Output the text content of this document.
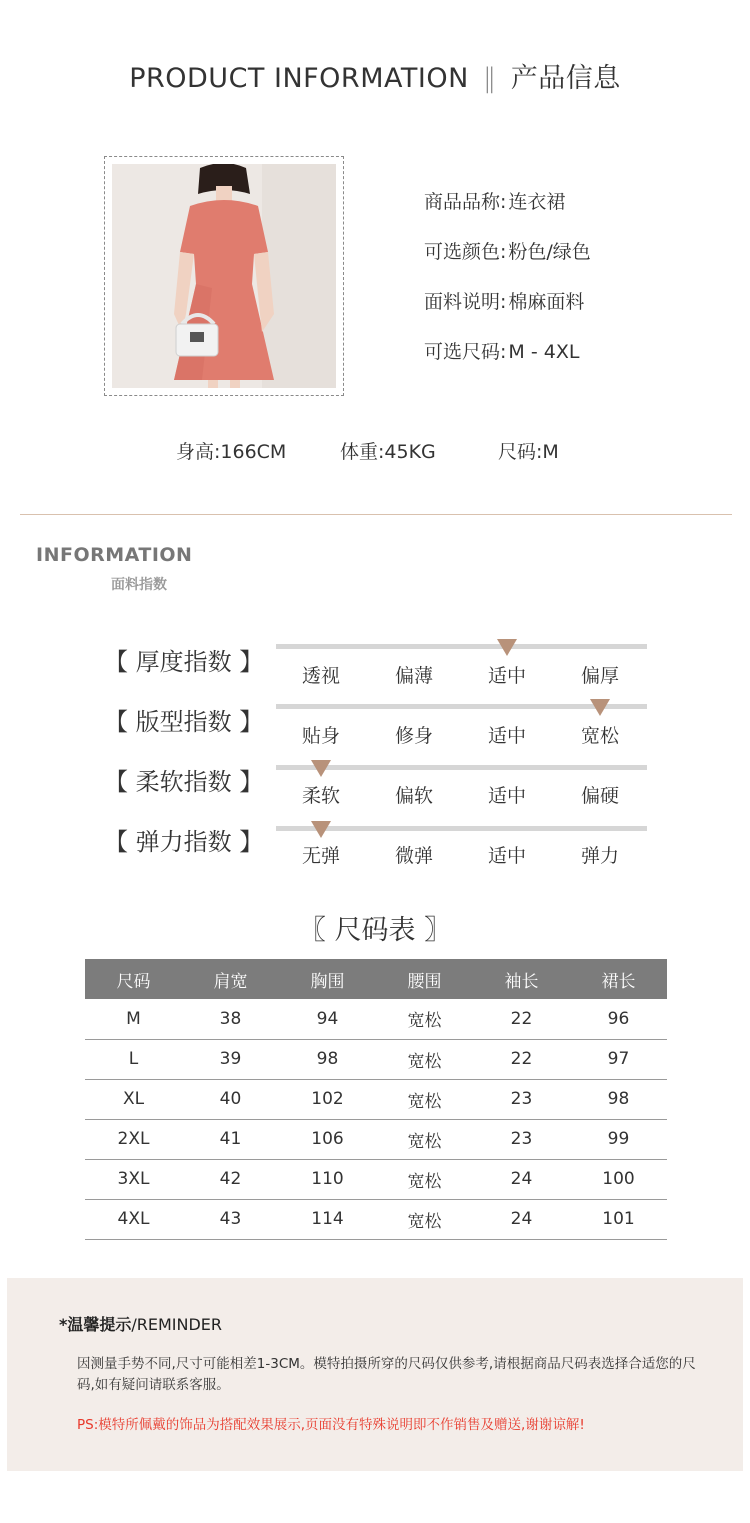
PRODUCT INFORMATION ‖ 产品信息
商品品称: 连衣裙
可选颜色: 粉色/绿色
面料说明: 棉麻面料
可选尺码: M - 4XL
身高:166CM	体重:45KG	尺码:M
INFORMATION
面料指数
【 厚度指数 】 透视	偏薄	适中	偏厚
【 版型指数 】 贴身	修身	适中	宽松
【 柔软指数 】 柔软	偏软	适中	偏硬
【 弹力指数 】 无弹	微弹	适中	弹力
〖 尺码表 〗
尺码	肩宽	胸围	腰围	袖长	裙长
M	38	94	宽松	22	96
L	39	98	宽松	22	97
XL	40	102	宽松	23	98
2XL	41	106	宽松	23	99
3XL	42	110	宽松	24	100
4XL	43	114	宽松	24	101
*温馨提示/REMINDER
因测量手势不同,尺寸可能相差1-3CM。模特拍摄所穿的尺码仅供参考,请根据商品尺码表选择合适您的尺码,如有疑问请联系客服。
PS:模特所佩戴的饰品为搭配效果展示,页面没有特殊说明即不作销售及赠送,谢谢谅解!
